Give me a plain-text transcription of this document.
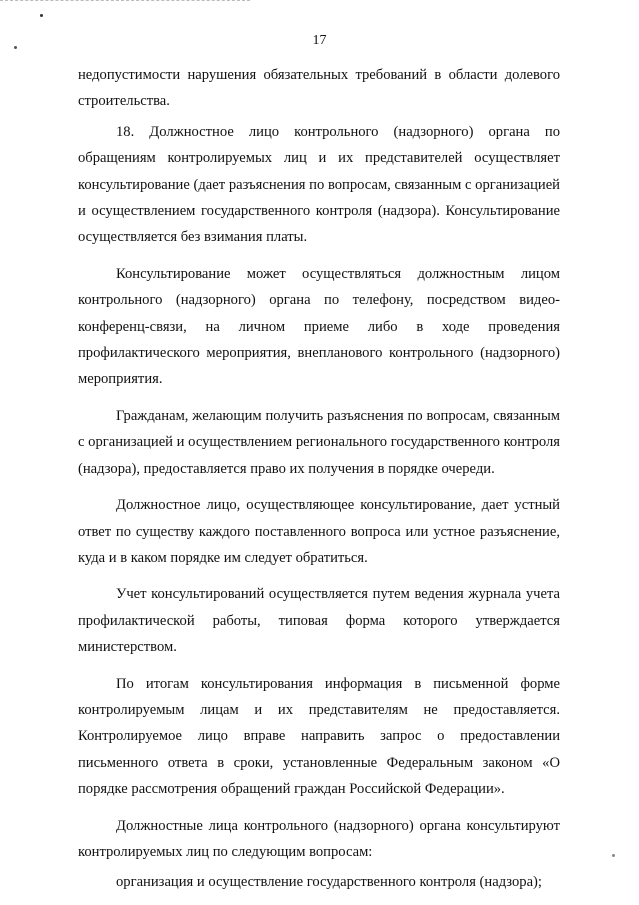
17

недопустимости нарушения обязательных требований в области долевого строительства.

18. Должностное лицо контрольного (надзорного) органа по обращениям контролируемых лиц и их представителей осуществляет консультирование (дает разъяснения по вопросам, связанным с организацией и осуществлением государственного контроля (надзора). Консультирование осуществляется без взимания платы.

Консультирование может осуществляться должностным лицом контрольного (надзорного) органа по телефону, посредством видео-конференц-связи, на личном приеме либо в ходе проведения профилактического мероприятия, внепланового контрольного (надзорного) мероприятия.

Гражданам, желающим получить разъяснения по вопросам, связанным с организацией и осуществлением регионального государственного контроля (надзора), предоставляется право их получения в порядке очереди.

Должностное лицо, осуществляющее консультирование, дает устный ответ по существу каждого поставленного вопроса или устное разъяснение, куда и в каком порядке им следует обратиться.

Учет консультирований осуществляется путем ведения журнала учета профилактической работы, типовая форма которого утверждается министерством.

По итогам консультирования информация в письменной форме контролируемым лицам и их представителям не предоставляется. Контролируемое лицо вправе направить запрос о предоставлении письменного ответа в сроки, установленные Федеральным законом «О порядке рассмотрения обращений граждан Российской Федерации».

Должностные лица контрольного (надзорного) органа консультируют контролируемых лиц по следующим вопросам:

организация и осуществление государственного контроля (надзора);
